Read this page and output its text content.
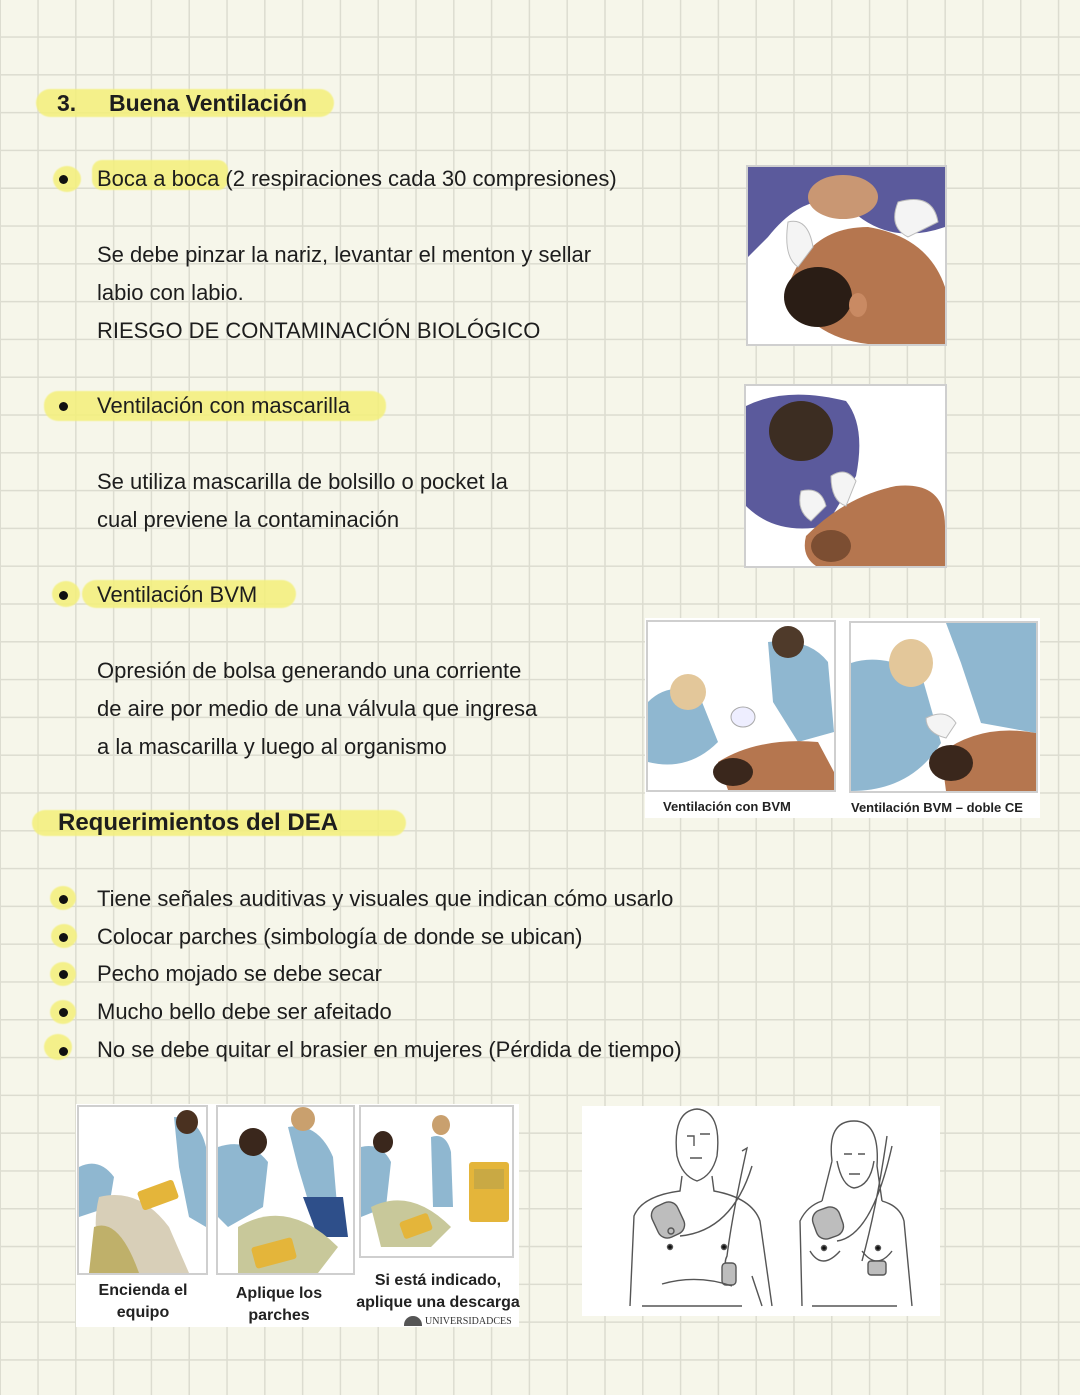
3. Buena Ventilación
Boca a boca (2 respiraciones cada 30 compresiones)
Se debe pinzar la nariz, levantar el menton y sellar
labio con labio.
RIESGO DE CONTAMINACIÓN BIOLÓGICO
Ventilación con mascarilla
Se utiliza mascarilla de bolsillo o pocket la
cual previene la contaminación
Ventilación BVM
Opresión de bolsa generando una corriente
de aire por medio de una válvula que ingresa
a la mascarilla y luego al organismo
Ventilación con BVM	Ventilación BVM – doble CE
Requerimientos del DEA
Tiene señales auditivas y visuales que indican cómo usarlo
Colocar parches (simbología de donde se ubican)
Pecho mojado se debe secar
Mucho bello debe ser afeitado
No se debe quitar el brasier en mujeres (Pérdida de tiempo)
Encienda el
equipo
Aplique los
parches
Si está indicado,
aplique una descarga
UNIVERSIDADCES
